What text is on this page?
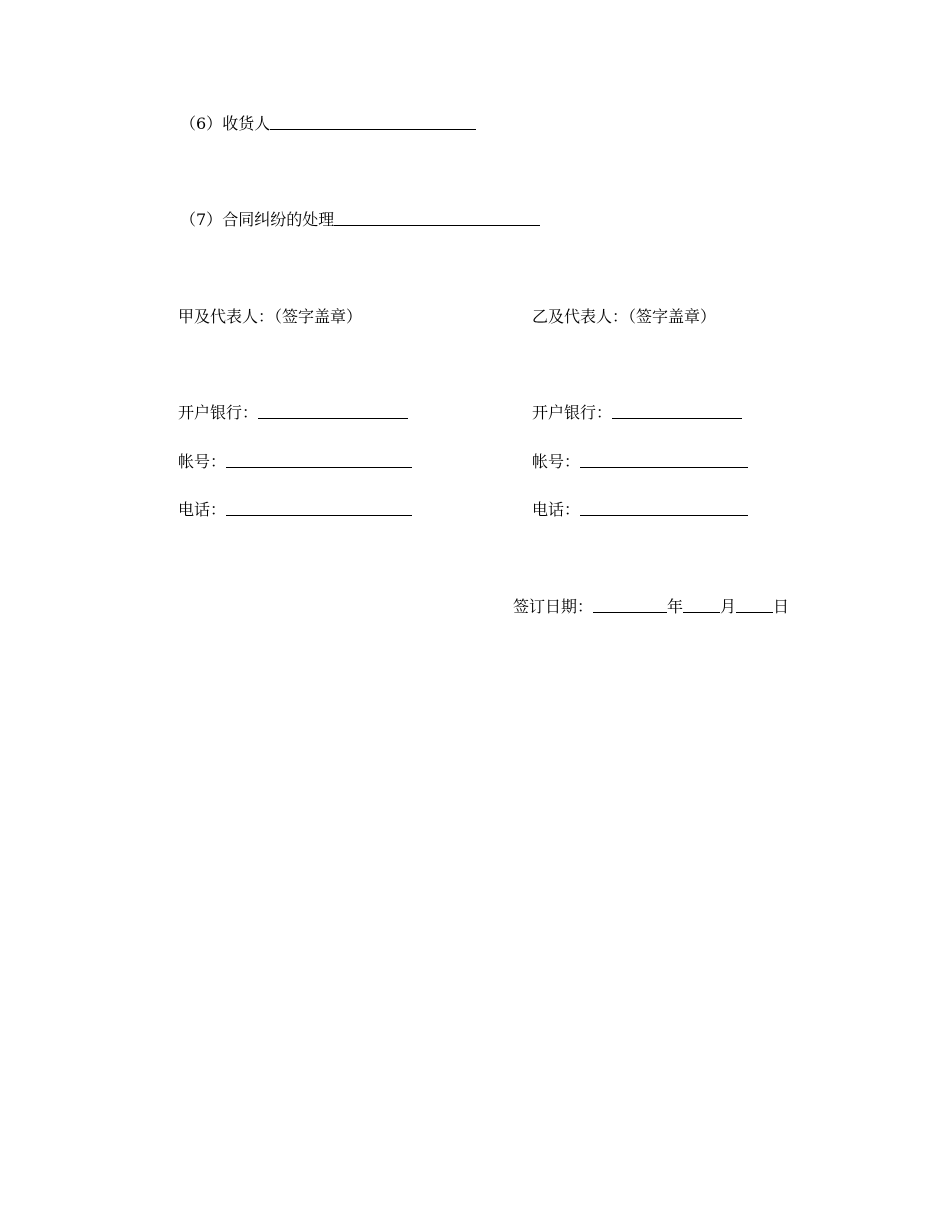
（6） 收货人
（7） 合同纠纷的处理
甲及代表人：（签字盖章）
开户银行：
帐号：
电话：
乙及代表人：（签字盖章）
开户银行：
帐号：
电话：
签订日期：	年 月 日
